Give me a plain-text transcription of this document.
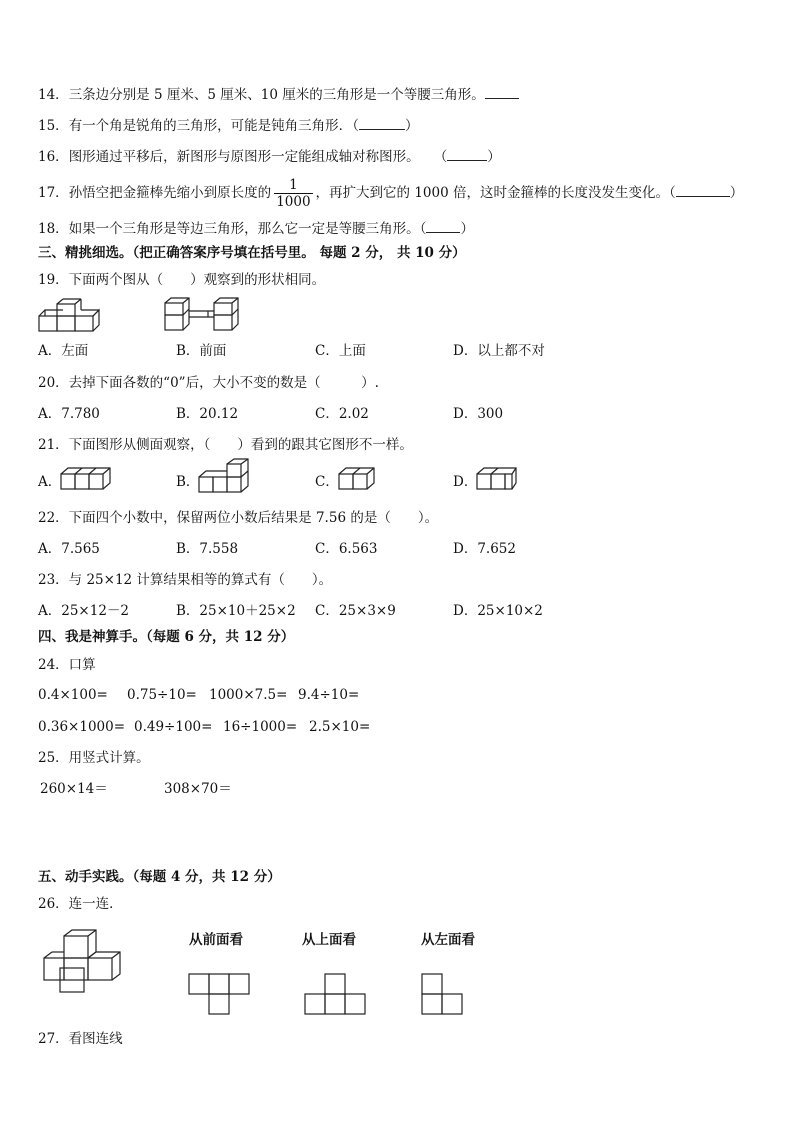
14．三条边分别是 5 厘米、5 厘米、10 厘米的三角形是一个等腰三角形。
15．有一个角是锐角的三角形，可能是钝角三角形．（	）
16．图形通过平移后，新图形与原图形一定能组成轴对称图形。 （	）
17．孙悟空把金箍棒先缩小到原长度的 $\frac{1}{1000}$ ，再扩大到它的 1000 倍，这时金箍棒的长度没发生变化。（	）
18．如果一个三角形是等边三角形，那么它一定是等腰三角形。（	）
三、精挑细选。（把正确答案序号填在括号里。 每题 2 分， 共 10 分）
19．下面两个图从（　　）观察到的形状相同。
A．左面	B．前面	C．上面	D．以上都不对
20．去掉下面各数的“0”后，大小不变的数是（　　　）.
A．7.780	B．20.12	C．2.02	D．300
21．下面图形从侧面观察，（　　）看到的跟其它图形不一样。
A．	B．	C．	D．
22．下面四个小数中，保留两位小数后结果是 7.56 的是（　　）。
A．7.565	B．7.558	C．6.563	D．7.652
23．与 25×12 计算结果相等的算式有（　　）。
A．25×12－2	B．25×10＋25×2 C．25×3×9	D．25×10×2
四、我是神算手。（每题 6 分，共 12 分）
24．口算
0.4×100= 0.75÷10= 1000×7.5= 9.4÷10=
0.36×1000= 0.49÷100= 16÷1000= 2.5×10=
25．用竖式计算。
260×14＝	308×70＝
五、动手实践。（每题 4 分，共 12 分）
26．连一连．
从前面看	从上面看	从左面看
27．看图连线
